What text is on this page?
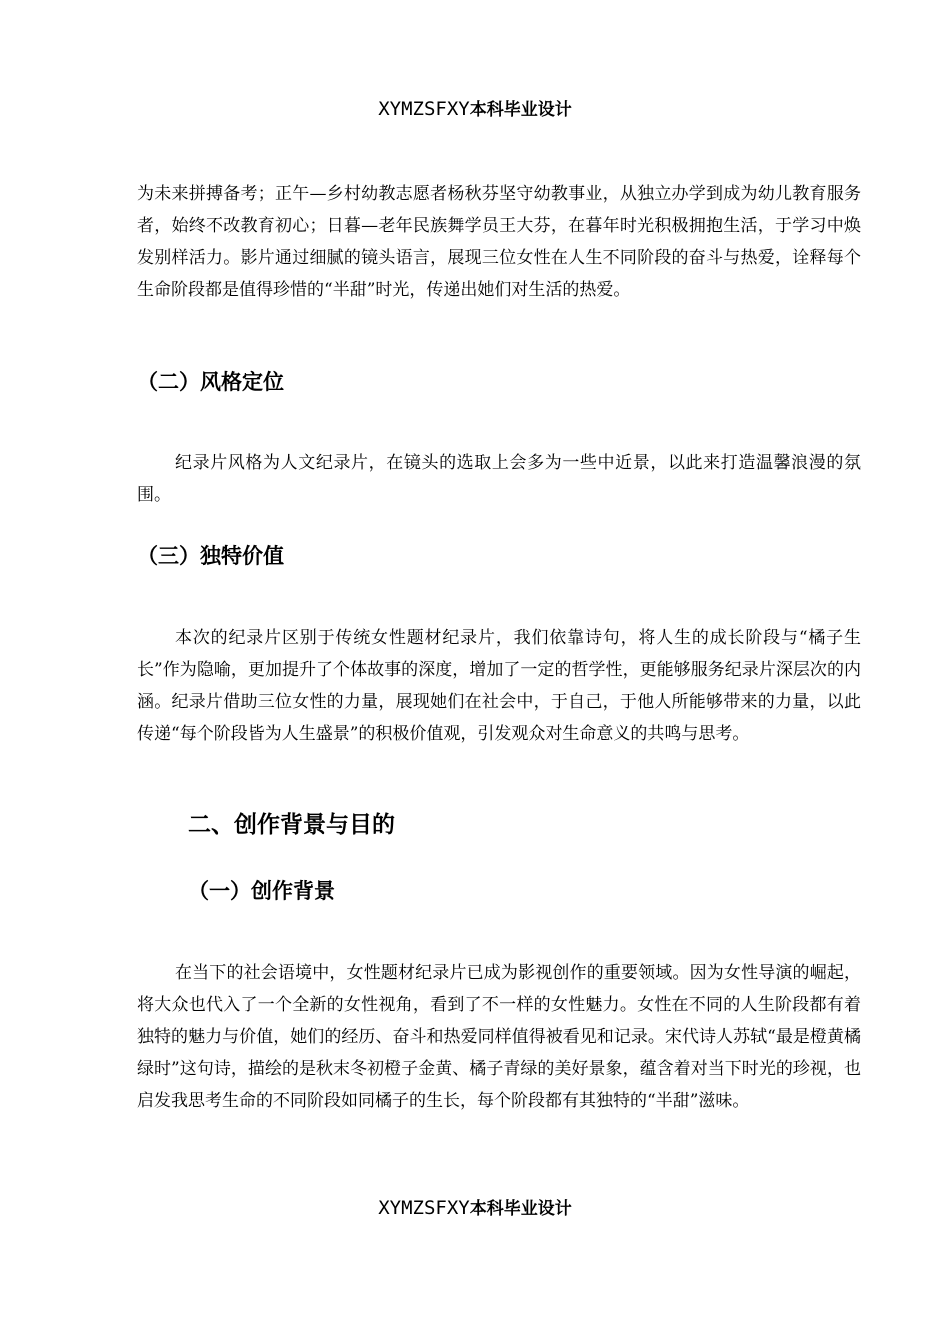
XYMZSFXY本科毕业设计

为未来拼搏备考；正午—乡村幼教志愿者杨秋芬坚守幼教事业，从独立办学到成为幼儿教育服务者，始终不改教育初心；日暮—老年民族舞学员王大芬，在暮年时光积极拥抱生活，于学习中焕发别样活力。影片通过细腻的镜头语言，展现三位女性在人生不同阶段的奋斗与热爱，诠释每个生命阶段都是值得珍惜的“半甜”时光，传递出她们对生活的热爱。

（二）风格定位

纪录片风格为人文纪录片，在镜头的选取上会多为一些中近景，以此来打造温馨浪漫的氛围。

（三）独特价值

本次的纪录片区别于传统女性题材纪录片，我们依靠诗句，将人生的成长阶段与“橘子生长”作为隐喻，更加提升了个体故事的深度，增加了一定的哲学性，更能够服务纪录片深层次的内涵。纪录片借助三位女性的力量，展现她们在社会中，于自己，于他人所能够带来的力量，以此传递“每个阶段皆为人生盛景”的积极价值观，引发观众对生命意义的共鸣与思考。

二、创作背景与目的

（一）创作背景

在当下的社会语境中，女性题材纪录片已成为影视创作的重要领域。因为女性导演的崛起，将大众也代入了一个全新的女性视角，看到了不一样的女性魅力。女性在不同的人生阶段都有着独特的魅力与价值，她们的经历、奋斗和热爱同样值得被看见和记录。宋代诗人苏轼“最是橙黄橘绿时”这句诗，描绘的是秋末冬初橙子金黄、橘子青绿的美好景象，蕴含着对当下时光的珍视，也启发我思考生命的不同阶段如同橘子的生长，每个阶段都有其独特的“半甜”滋味。

XYMZSFXY本科毕业设计
